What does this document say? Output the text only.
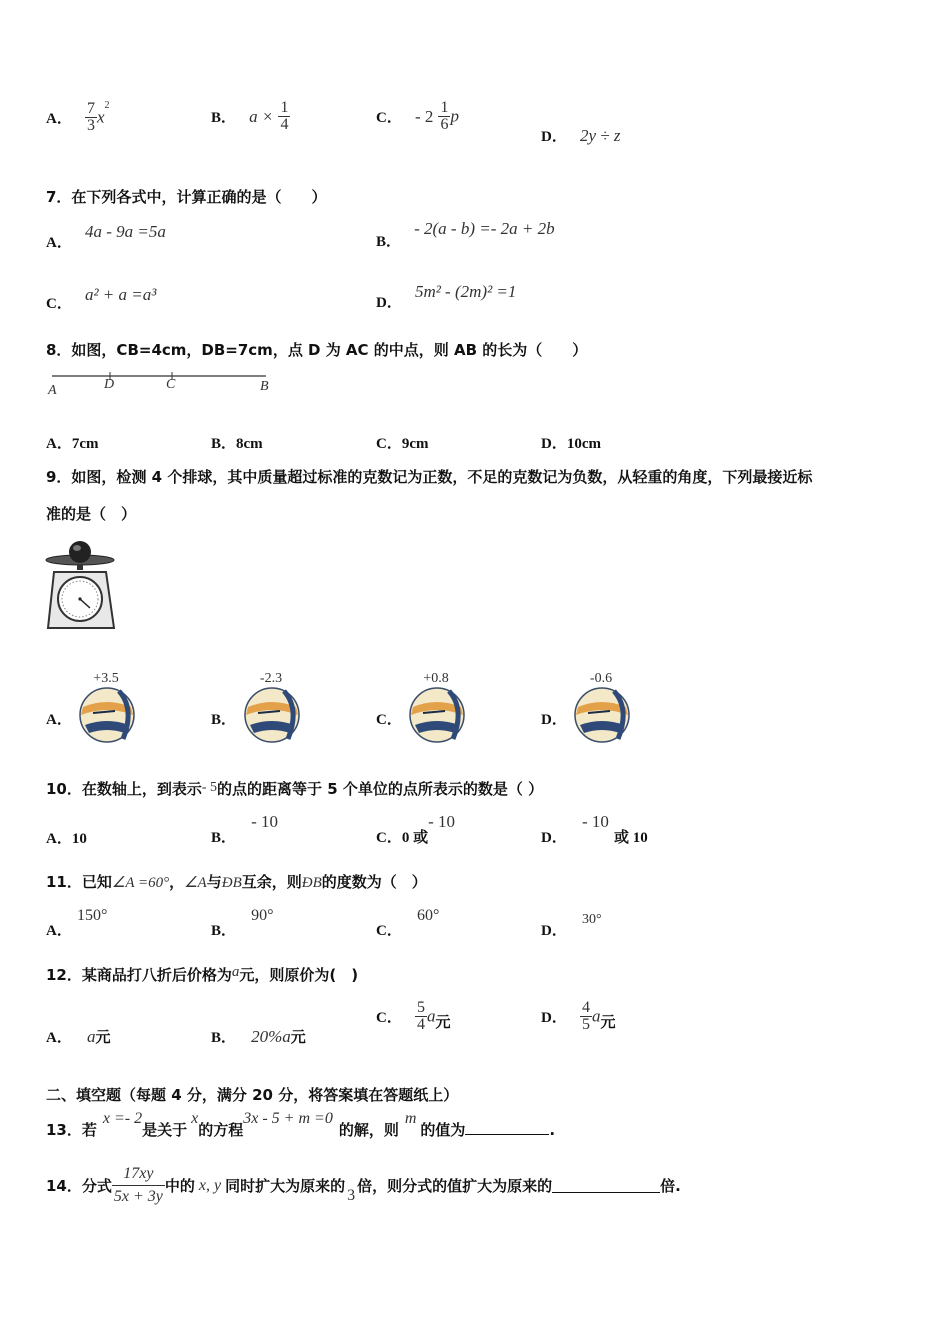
A． $\frac{7}{3} x^2$
B． $a \times \frac{1}{4}$	C． - $2 \frac{1}{6}$ p
D． 2y ÷ z
7．在下列各式中，计算正确的是（　　）
A． 4a - 9a =5a
B． - 2(a - b) =- 2a + 2b
C． a² + a =a³	D． 5m² - (2m)² =1
8．如图，CB=4cm，DB=7cm，点 D 为 AC 的中点，则 AB 的长为（　　）
A	D	C	B
A．7cm	B．8cm	C．9cm	D．10cm
9．如图，检测 4 个排球，其中质量超过标准的克数记为正数，不足的克数记为负数，从轻重的角度，下列最接近标
准的是（　）
A．
+3.5
B．
-2.3
C．
+0.8
D．
-0.6
10．在数轴上，到表示- 5的点的距离等于 5 个单位的点所表示的数是（ ）
A．10	B． - 10
C．0 或- 10
D． - 10 或 10
11．已知∠A =60°，∠A与ÐB互余，则ÐB的度数为（　）
A． 150°
B． 90°
C． 60°
D． 30°
12．某商品打八折后价格为a元，则原价为(　)
A． a元	B． 20%a元
C． $\frac{5}{4}$ a元	D． $\frac{4}{5}$ a元
二、填空题（每题 4 分，满分 20 分，将答案填在答题纸上）
13．若x =- 2是关于x的方程3x - 5 + m =0的解，则m的值为	.
14．分式 $\frac{17xy}{5x + 3y}$ 中的 x, y 同时扩大为原来的3倍，则分式的值扩大为原来的	倍.
